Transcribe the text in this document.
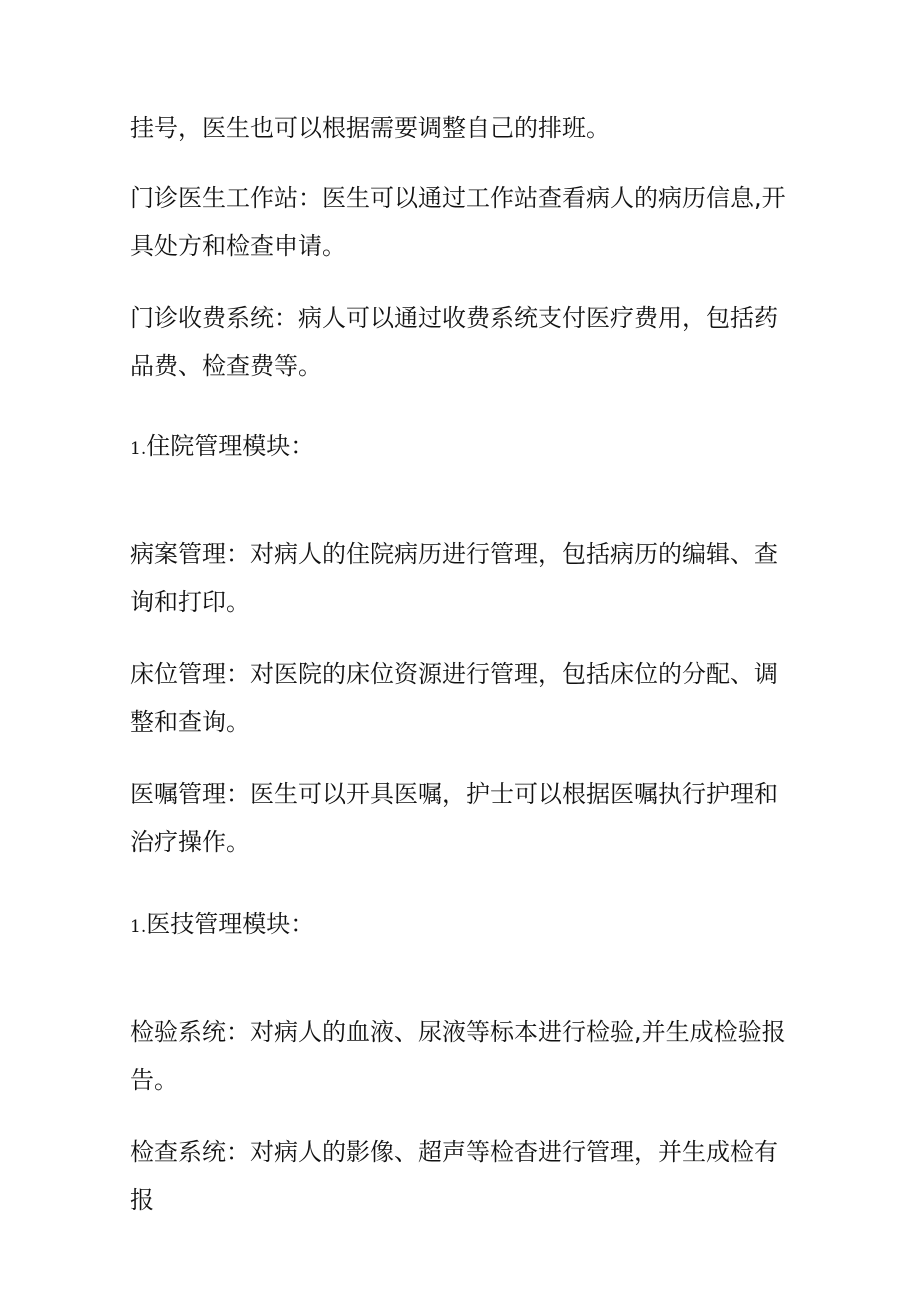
挂号，医生也可以根据需要调整自己的排班。

门诊医生工作站：医生可以通过工作站查看病人的病历信息,开具处方和检查申请。

门诊收费系统：病人可以通过收费系统支付医疗费用，包括药品费、检查费等。

1.住院管理模块：

病案管理：对病人的住院病历进行管理，包括病历的编辑、查询和打印。

床位管理：对医院的床位资源进行管理，包括床位的分配、调整和查询。

医嘱管理：医生可以开具医嘱，护士可以根据医嘱执行护理和治疗操作。

1.医技管理模块：

检验系统：对病人的血液、尿液等标本进行检验,并生成检验报告。

检查系统：对病人的影像、超声等检杳进行管理，并生成检有报
